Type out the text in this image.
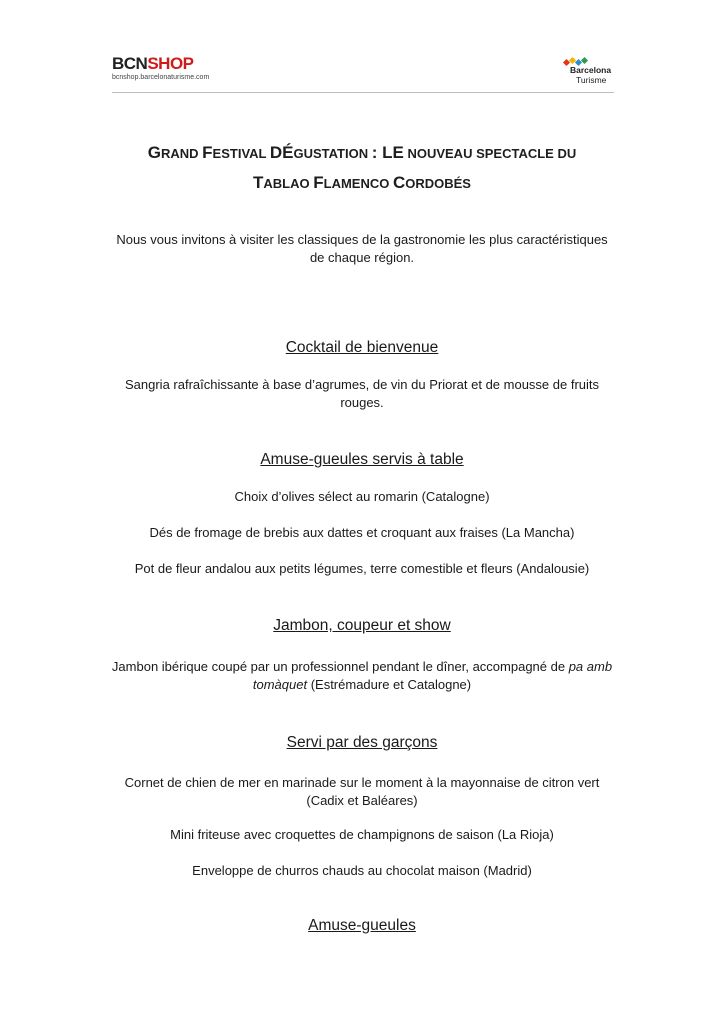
BCNSHOP
bcnshop.barcelonaturisme.com
Barcelona
Turisme
GRAND FESTIVAL DÉGUSTATION : LE NOUVEAU SPECTACLE DU
TABLAO FLAMENCO CORDOBÉS
Nous vous invitons à visiter les classiques de la gastronomie les plus caractéristiques
de chaque région.
Cocktail de bienvenue
Sangria rafraîchissante à base d’agrumes, de vin du Priorat et de mousse de fruits
rouges.
Amuse-gueules servis à table
Choix d’olives sélect au romarin (Catalogne)
Dés de fromage de brebis aux dattes et croquant aux fraises (La Mancha)
Pot de fleur andalou aux petits légumes, terre comestible et fleurs (Andalousie)
Jambon, coupeur et show
Jambon ibérique coupé par un professionnel pendant le dîner, accompagné de pa amb
tomàquet (Estrémadure et Catalogne)
Servi par des garçons
Cornet de chien de mer en marinade sur le moment à la mayonnaise de citron vert
(Cadix et Baléares)
Mini friteuse avec croquettes de champignons de saison (La Rioja)
Enveloppe de churros chauds au chocolat maison (Madrid)
Amuse-gueules
